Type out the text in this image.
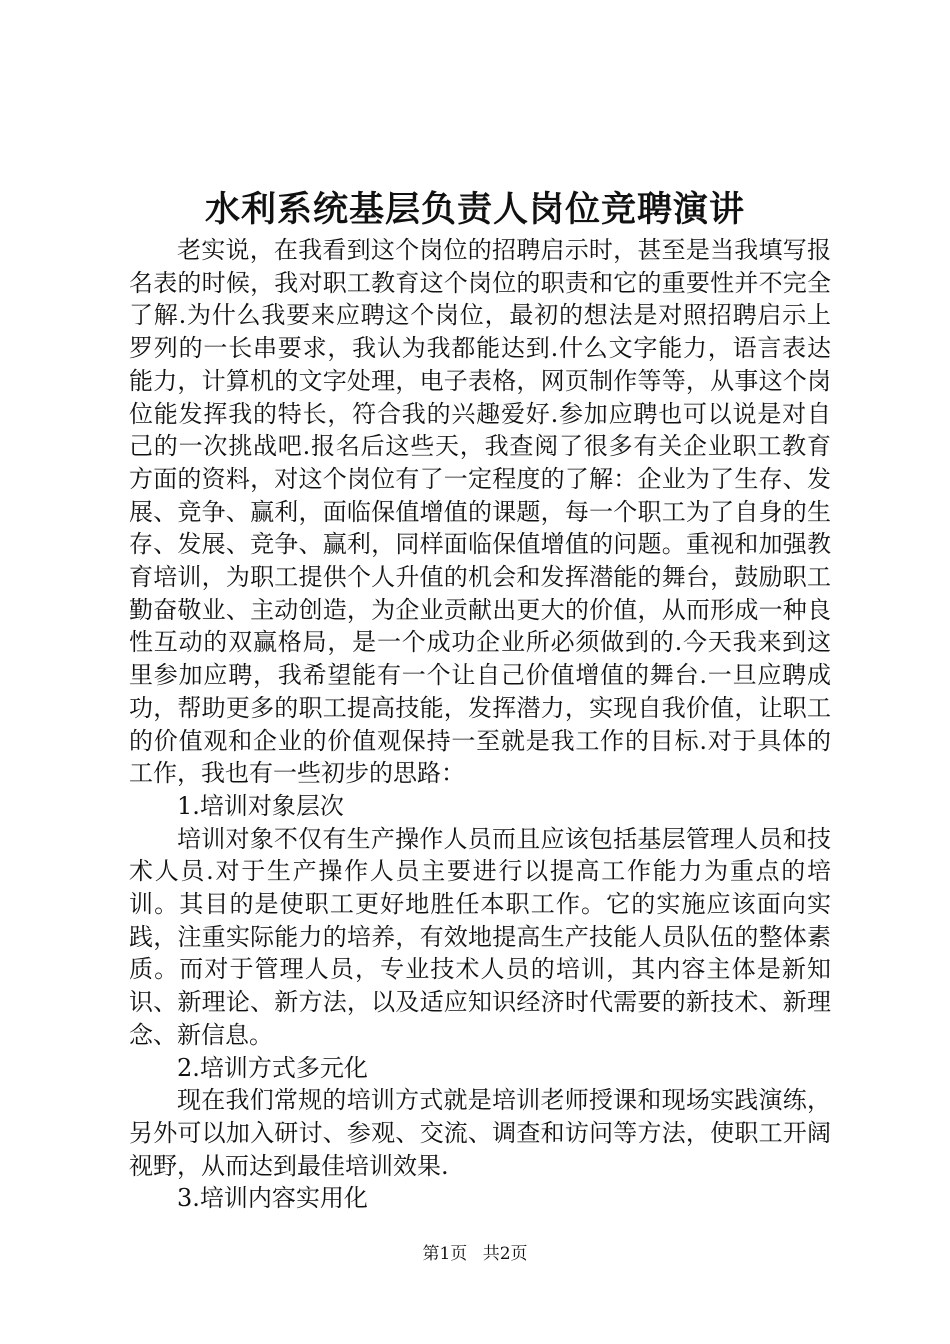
水利系统基层负责人岗位竞聘演讲

老实说，在我看到这个岗位的招聘启示时，甚至是当我填写报名表的时候，我对职工教育这个岗位的职责和它的重要性并不完全了解.为什么我要来应聘这个岗位，最初的想法是对照招聘启示上罗列的一长串要求，我认为我都能达到.什么文字能力，语言表达能力，计算机的文字处理，电子表格，网页制作等等，从事这个岗位能发挥我的特长，符合我的兴趣爱好.参加应聘也可以说是对自己的一次挑战吧.报名后这些天，我查阅了很多有关企业职工教育方面的资料，对这个岗位有了一定程度的了解：企业为了生存、发展、竞争、赢利，面临保值增值的课题，每一个职工为了自身的生存、发展、竞争、赢利，同样面临保值增值的问题。重视和加强教育培训，为职工提供个人升值的机会和发挥潜能的舞台，鼓励职工勤奋敬业、主动创造，为企业贡献出更大的价值，从而形成一种良性互动的双赢格局，是一个成功企业所必须做到的.今天我来到这里参加应聘，我希望能有一个让自己价值增值的舞台.一旦应聘成功，帮助更多的职工提高技能，发挥潜力，实现自我价值，让职工的价值观和企业的价值观保持一至就是我工作的目标.对于具体的工作，我也有一些初步的思路：

1.培训对象层次

培训对象不仅有生产操作人员而且应该包括基层管理人员和技术人员.对于生产操作人员主要进行以提高工作能力为重点的培训。其目的是使职工更好地胜任本职工作。它的实施应该面向实践，注重实际能力的培养，有效地提高生产技能人员队伍的整体素质。而对于管理人员，专业技术人员的培训，其内容主体是新知识、新理论、新方法，以及适应知识经济时代需要的新技术、新理念、新信息。

2.培训方式多元化

现在我们常规的培训方式就是培训老师授课和现场实践演练，另外可以加入研讨、参观、交流、调查和访问等方法，使职工开阔视野，从而达到最佳培训效果.

3.培训内容实用化

第1页 共2页
